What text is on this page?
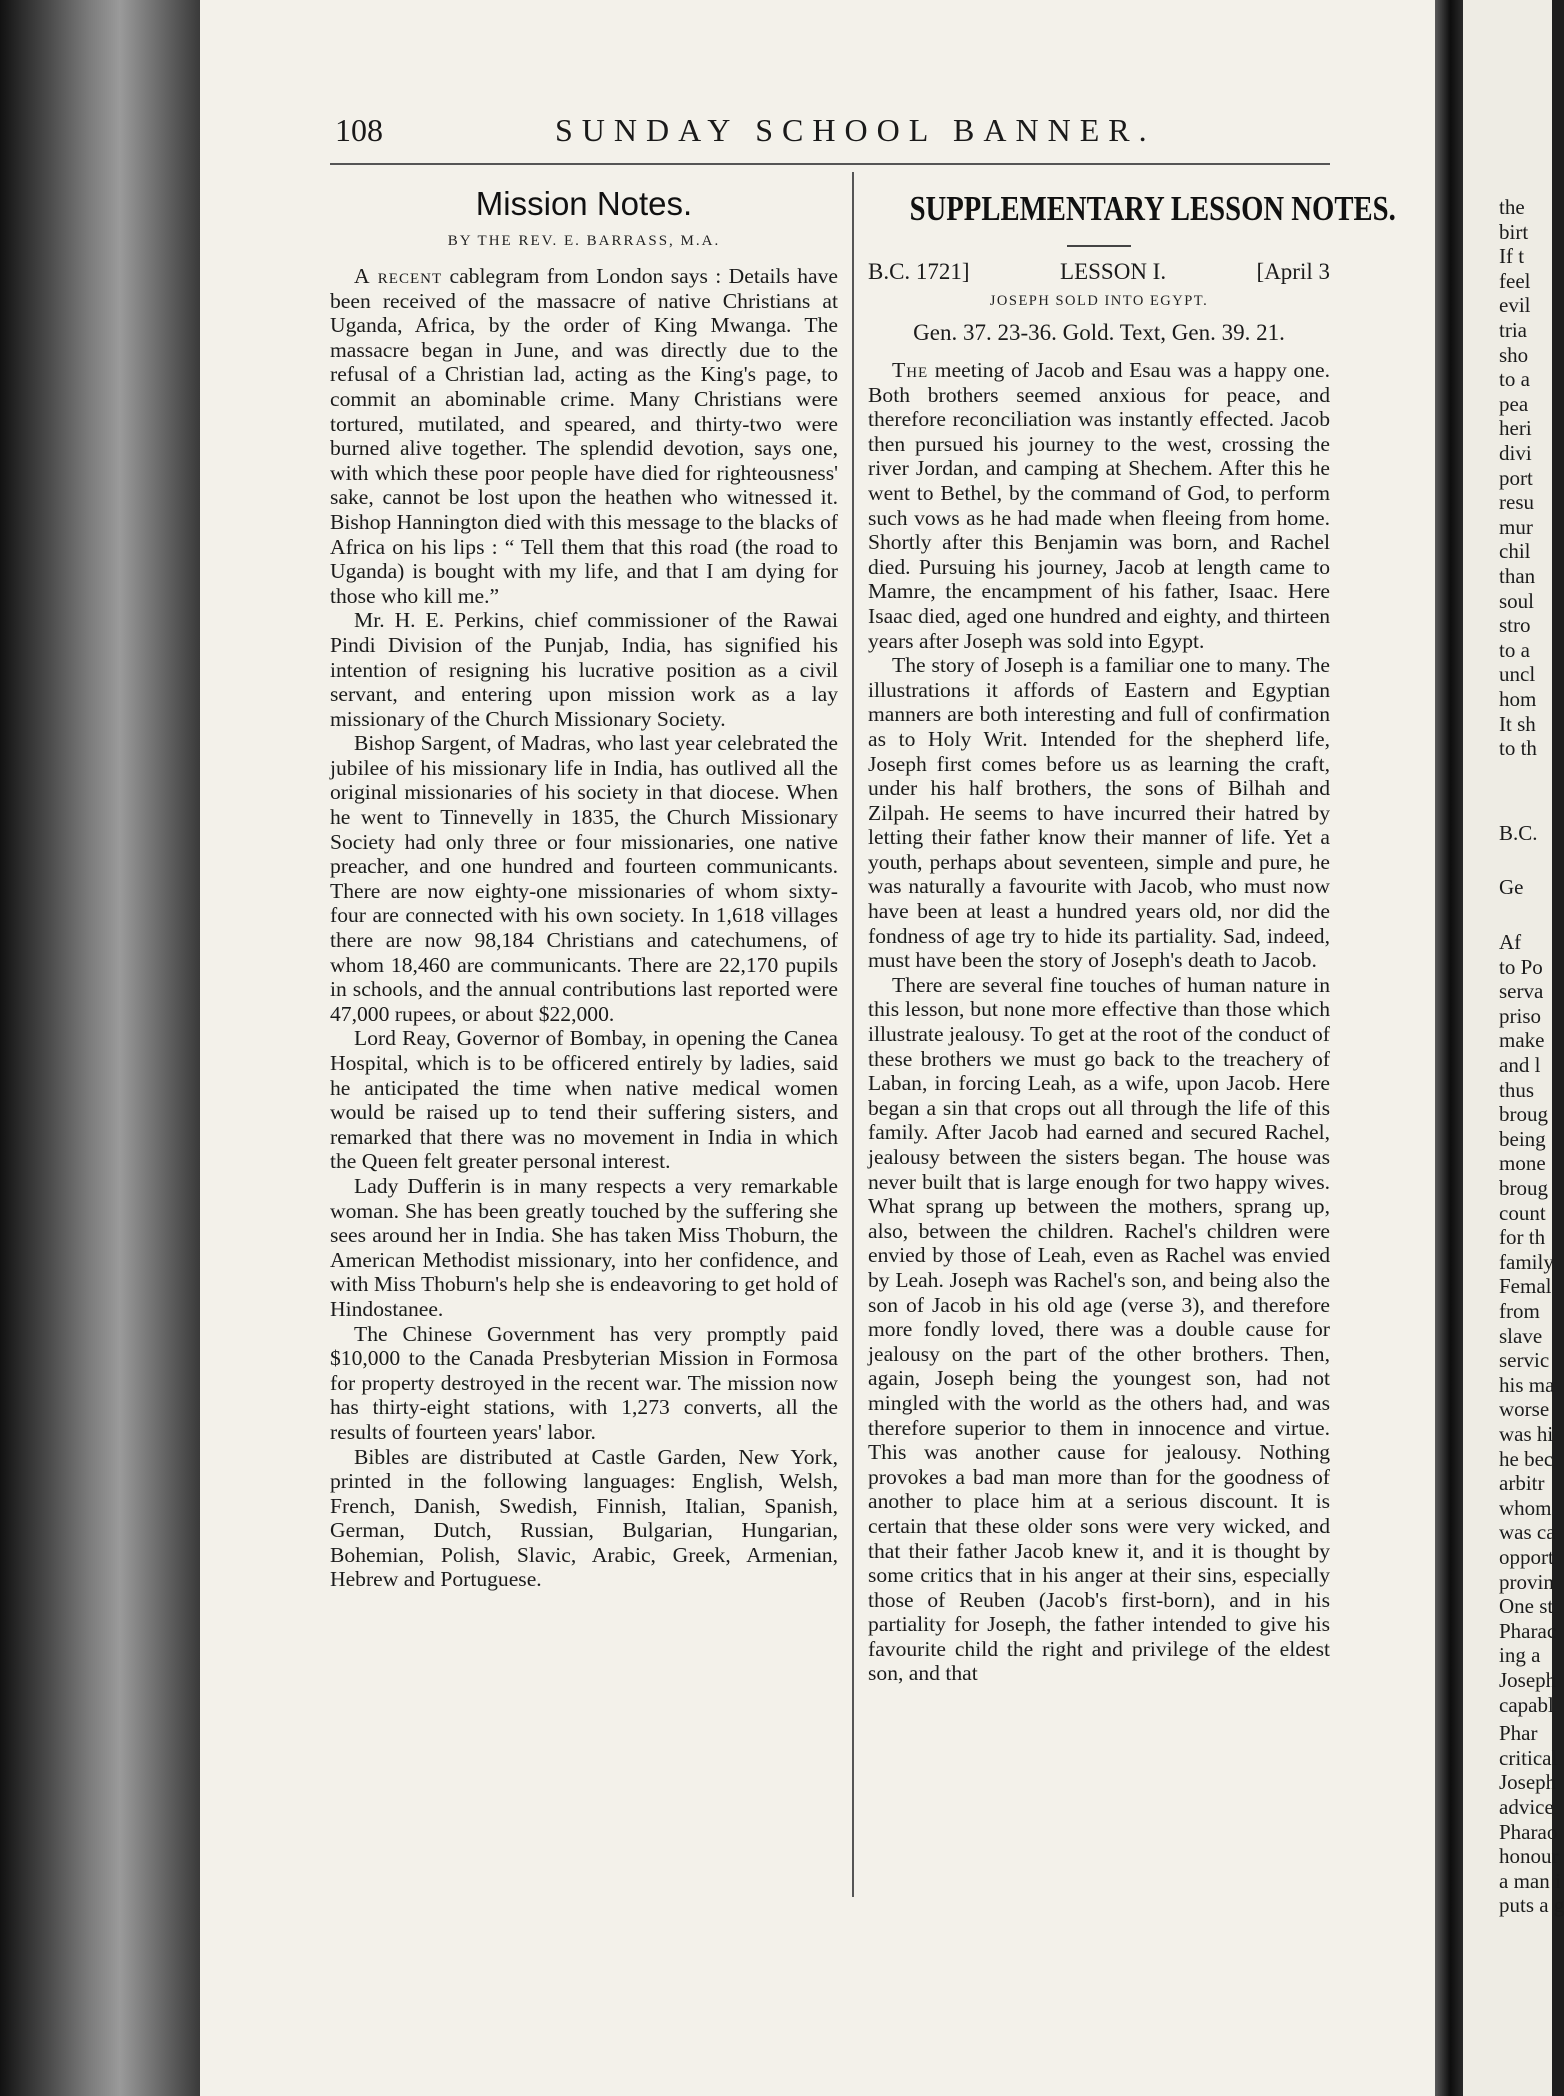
the
birt
If t
feel
evil
tria
sho
to a
pea
heri
divi
port
resu
mur
chil
than
soul
stro
to a
uncl
hom
It sh
to th
B.C.
Ge
Af
to Po
serva
priso
make
and l
thus
broug
being
mone
broug
count
for th
family
Femal
from
slave
servic
his ma
worse
was hi
he bec
arbitr
whom
was ca
opport
provin
One st
Pharac
ing a
Joseph
capabl
Phar
critical
Joseph
advice
Pharao
honour
a man i
puts a g
108	SUNDAY SCHOOL BANNER.
Mission Notes.
BY THE REV. E. BARRASS, M.A.

A recent cablegram from London says : Details have been received of the massacre of native Christians at Uganda, Africa, by the order of King Mwanga. The massacre began in June, and was directly due to the refusal of a Christian lad, acting as the King's page, to commit an abominable crime. Many Christians were tortured, mutilated, and speared, and thirty-two were burned alive together. The splendid devotion, says one, with which these poor people have died for righteousness' sake, cannot be lost upon the heathen who witnessed it. Bishop Hannington died with this message to the blacks of Africa on his lips : “ Tell them that this road (the road to Uganda) is bought with my life, and that I am dying for those who kill me.”

Mr. H. E. Perkins, chief commissioner of the Rawai Pindi Division of the Punjab, India, has signified his intention of resigning his lucrative position as a civil servant, and entering upon mission work as a lay missionary of the Church Missionary Society.

Bishop Sargent, of Madras, who last year celebrated the jubilee of his missionary life in India, has outlived all the original missionaries of his society in that diocese. When he went to Tinnevelly in 1835, the Church Missionary Society had only three or four missionaries, one native preacher, and one hundred and fourteen communicants. There are now eighty-one missionaries of whom sixty-four are connected with his own society. In 1,618 villages there are now 98,184 Christians and catechumens, of whom 18,460 are communicants. There are 22,170 pupils in schools, and the annual contributions last reported were 47,000 rupees, or about $22,000.

Lord Reay, Governor of Bombay, in opening the Canea Hospital, which is to be officered entirely by ladies, said he anticipated the time when native medical women would be raised up to tend their suffering sisters, and remarked that there was no movement in India in which the Queen felt greater personal interest.

Lady Dufferin is in many respects a very remarkable woman. She has been greatly touched by the suffering she sees around her in India. She has taken Miss Thoburn, the American Methodist missionary, into her confidence, and with Miss Thoburn's help she is endeavoring to get hold of Hindostanee.

The Chinese Government has very promptly paid $10,000 to the Canada Presbyterian Mission in Formosa for property destroyed in the recent war. The mission now has thirty-eight stations, with 1,273 converts, all the results of fourteen years' labor.

Bibles are distributed at Castle Garden, New York, printed in the following languages: English, Welsh, French, Danish, Swedish, Finnish, Italian, Spanish, German, Dutch, Russian, Bulgarian, Hungarian, Bohemian, Polish, Slavic, Arabic, Greek, Armenian, Hebrew and Portuguese.

SUPPLEMENTARY LESSON NOTES.
B.C. 1721]	LESSON I.	[April 3
JOSEPH SOLD INTO EGYPT.
Gen. 37. 23-36. Gold. Text, Gen. 39. 21.

The meeting of Jacob and Esau was a happy one. Both brothers seemed anxious for peace, and therefore reconciliation was instantly effected. Jacob then pursued his journey to the west, crossing the river Jordan, and camping at Shechem. After this he went to Bethel, by the command of God, to perform such vows as he had made when fleeing from home. Shortly after this Benjamin was born, and Rachel died. Pursuing his journey, Jacob at length came to Mamre, the encampment of his father, Isaac. Here Isaac died, aged one hundred and eighty, and thirteen years after Joseph was sold into Egypt.

The story of Joseph is a familiar one to many. The illustrations it affords of Eastern and Egyptian manners are both interesting and full of confirmation as to Holy Writ. Intended for the shepherd life, Joseph first comes before us as learning the craft, under his half brothers, the sons of Bilhah and Zilpah. He seems to have incurred their hatred by letting their father know their manner of life. Yet a youth, perhaps about seventeen, simple and pure, he was naturally a favourite with Jacob, who must now have been at least a hundred years old, nor did the fondness of age try to hide its partiality. Sad, indeed, must have been the story of Joseph's death to Jacob.

There are several fine touches of human nature in this lesson, but none more effective than those which illustrate jealousy. To get at the root of the conduct of these brothers we must go back to the treachery of Laban, in forcing Leah, as a wife, upon Jacob. Here began a sin that crops out all through the life of this family. After Jacob had earned and secured Rachel, jealousy between the sisters began. The house was never built that is large enough for two happy wives. What sprang up between the mothers, sprang up, also, between the children. Rachel's children were envied by those of Leah, even as Rachel was envied by Leah. Joseph was Rachel's son, and being also the son of Jacob in his old age (verse 3), and therefore more fondly loved, there was a double cause for jealousy on the part of the other brothers. Then, again, Joseph being the youngest son, had not mingled with the world as the others had, and was therefore superior to them in innocence and virtue. This was another cause for jealousy. Nothing provokes a bad man more than for the goodness of another to place him at a serious discount. It is certain that these older sons were very wicked, and that their father Jacob knew it, and it is thought by some critics that in his anger at their sins, especially those of Reuben (Jacob's first-born), and in his partiality for Joseph, the father intended to give his favourite child the right and privilege of the eldest son, and that
